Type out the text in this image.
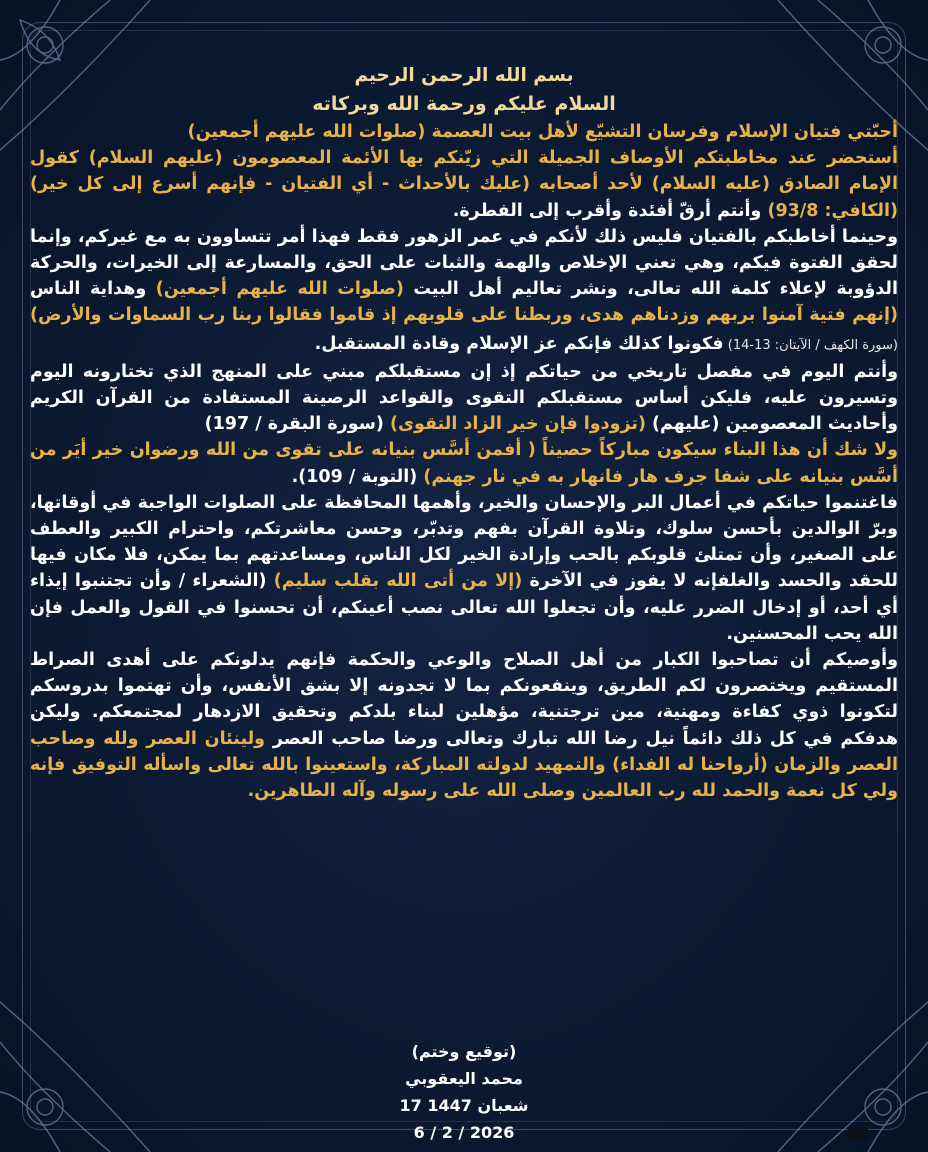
بسم الله الرحمن الرحيم
السلام عليكم ورحمة الله وبركاته

أحبّتي فتيان الإسلام وفرسان التشيّع لأهل بيت العصمة (صلوات الله عليهم أجمعين)

أستحضر عند مخاطبتكم الأوصاف الجميلة التي زيّنكم بها الأئمة المعصومون (عليهم السلام) كقول الإمام الصادق (عليه السلام) لأحد أصحابه (عليك بالأحداث - أي الفتيان - فإنهم أسرع إلى كل خير) (الكافي: 93/8) وأنتم أرقّ أفئدة وأقرب إلى الفطرة.

وحينما أخاطبكم بالفتيان فليس ذلك لأنكم في عمر الزهور فقط فهذا أمر تتساوون به مع غيركم، وإنما لحقق الفتوة فيكم، وهي تعني الإخلاص والهمة والثبات على الحق، والمسارعة إلى الخيرات، والحركة الدؤوبة لإعلاء كلمة الله تعالى، ونشر تعاليم أهل البيت (صلوات الله عليهم أجمعين) وهداية الناس (إنهم فتية آمنوا بربهم وزدناهم هدى، وربطنا على قلوبهم إذ قاموا فقالوا ربنا رب السماوات والأرض) (سورة الكهف / الآيتان: 13-14) فكونوا كذلك فإنكم عز الإسلام وقادة المستقبل.

وأنتم اليوم في مفصل تاريخي من حياتكم إذ إن مستقبلكم مبني على المنهج الذي تختارونه اليوم وتسيرون عليه، فليكن أساس مستقبلكم التقوى والقواعد الرصينة المستفادة من القرآن الكريم وأحاديث المعصومين (عليهم) (تزودوا فإن خير الزاد التقوى) (سورة البقرة / 197)

ولا شك أن هذا البناء سيكون مباركاً حصيناً ( أفمن أسَّس بنيانه على تقوى من الله ورضوان خير أيَر من أسَّس بنيانه على شفا جرف هار فانهار به في نار جهنم) (التوبة / 109).

فاغتنموا حياتكم في أعمال البر والإحسان والخير، وأهمها المحافظة على الصلوات الواجبة في أوقاتها، وبرّ الوالدين بأحسن سلوك، وتلاوة القرآن بفهم وتدبّر، وحسن معاشرتكم، واحترام الكبير والعطف على الصغير، وأن تمتلئ قلوبكم بالحب وإرادة الخير لكل الناس، ومساعدتهم بما يمكن، فلا مكان فيها للحقد والحسد والغلفإنه لا يفوز في الآخرة (إلا من أتى الله بقلب سليم) (الشعراء / وأن تجتنبوا إيذاء أي أحد، أو إدخال الضرر عليه، وأن تجعلوا الله تعالى نصب أعينكم، أن تحسنوا في القول والعمل فإن الله يحب المحسنين.

وأوصيكم أن تصاحبوا الكبار من أهل الصلاح والوعي والحكمة فإنهم يدلونكم على أهدى الصراط المستقيم ويختصرون لكم الطريق، وينفعونكم بما لا تجدونه إلا بشق الأنفس، وأن تهتموا بدروسكم لتكونوا ذوي كفاءة ومهنية، مين ترجتنية، مؤهلين لبناء بلدكم وتحقيق الازدهار لمجتمعكم. وليكن هدفكم في كل ذلك دائماً نيل رضا الله تبارك وتعالى ورضا صاحب العصر ولينئان العصر ولله وصاحب العصر والزمان (أرواحنا له الفداء) والتمهيد لدولته المباركة، واستعينوا بالله تعالى واسأله التوفيق فإنه ولي كل نعمة والحمد لله رب العالمين وصلى الله على رسوله وآله الطاهرين.

(توقيع وختم)
محمد اليعقوبي
17 شعبان 1447
6 / 2 / 2026
